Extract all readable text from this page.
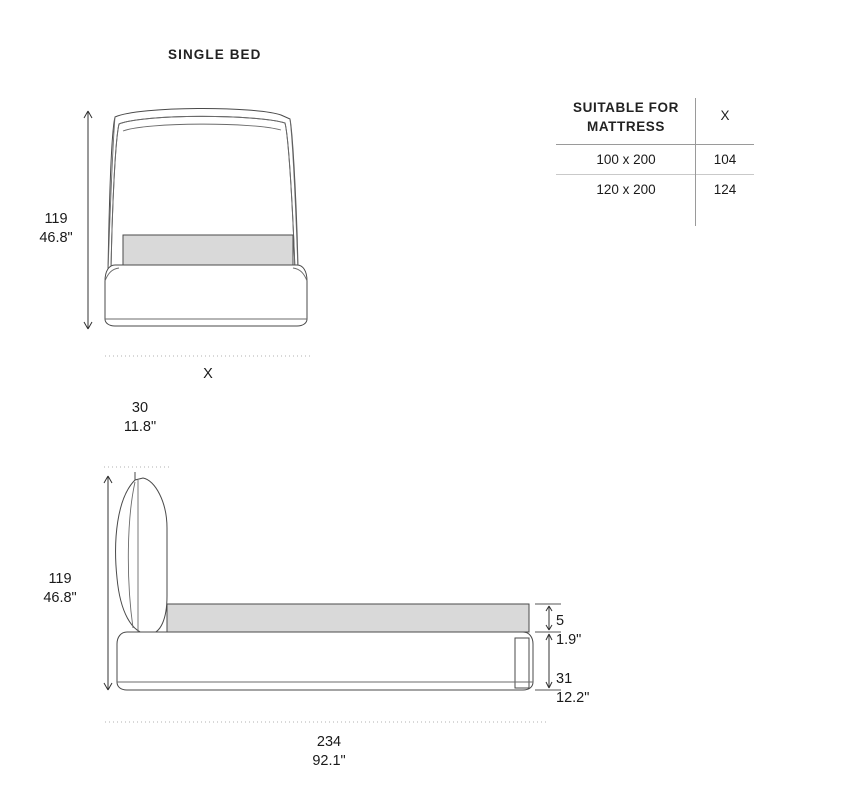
SINGLE BED
SUITABLE FOR MATTRESS
X
100 x 200	104
120 x 200	124
119
46.8"
X
30
11.8"
119
46.8"
5
1.9"
31
12.2"
234
92.1"
